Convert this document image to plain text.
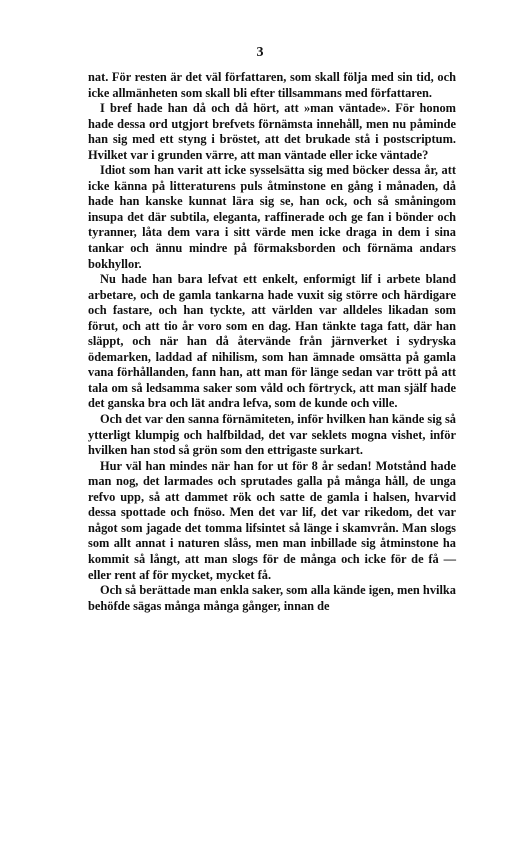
3

nat. För resten är det väl författaren, som skall följa med sin tid, och icke allmänheten som skall bli efter tillsammans med författaren.

I bref hade han då och då hört, att »man väntade». För honom hade dessa ord utgjort brefvets förnämsta innehåll, men nu påminde han sig med ett styng i bröstet, att det brukade stå i postscriptum. Hvilket var i grunden värre, att man väntade eller icke väntade?

Idiot som han varit att icke sysselsätta sig med böcker dessa år, att icke känna på litteraturens puls åtminstone en gång i månaden, då hade han kanske kunnat lära sig se, han ock, och så småningom insupa det där subtila, eleganta, raffinerade och ge fan i bönder och tyranner, låta dem vara i sitt värde men icke draga in dem i sina tankar och ännu mindre på förmaksborden och förnäma andars bokhyllor.

Nu hade han bara lefvat ett enkelt, enformigt lif i arbete bland arbetare, och de gamla tankarna hade vuxit sig större och härdigare och fastare, och han tyckte, att världen var alldeles likadan som förut, och att tio år voro som en dag. Han tänkte taga fatt, där han släppt, och när han då återvände från järnverket i sydryska ödemarken, laddad af nihilism, som han ämnade omsätta på gamla vana förhållanden, fann han, att man för länge sedan var trött på att tala om så ledsamma saker som våld och förtryck, att man själf hade det ganska bra och lät andra lefva, som de kunde och ville.

Och det var den sanna förnämiteten, inför hvilken han kände sig så ytterligt klumpig och halfbildad, det var seklets mogna vishet, inför hvilken han stod så grön som den ettrigaste surkart.

Hur väl han mindes när han for ut för 8 år sedan! Motstånd hade man nog, det larmades och sprutades galla på många håll, de unga refvo upp, så att dammet rök och satte de gamla i halsen, hvarvid dessa spottade och fnöso. Men det var lif, det var rikedom, det var något som jagade det tomma lifsintet så länge i skamvrån. Man slogs som allt annat i naturen slåss, men man inbillade sig åtminstone ha kommit så långt, att man slogs för de många och icke för de få — eller rent af för mycket, mycket få.

Och så berättade man enkla saker, som alla kände igen, men hvilka behöfde sägas många många gånger, innan de
